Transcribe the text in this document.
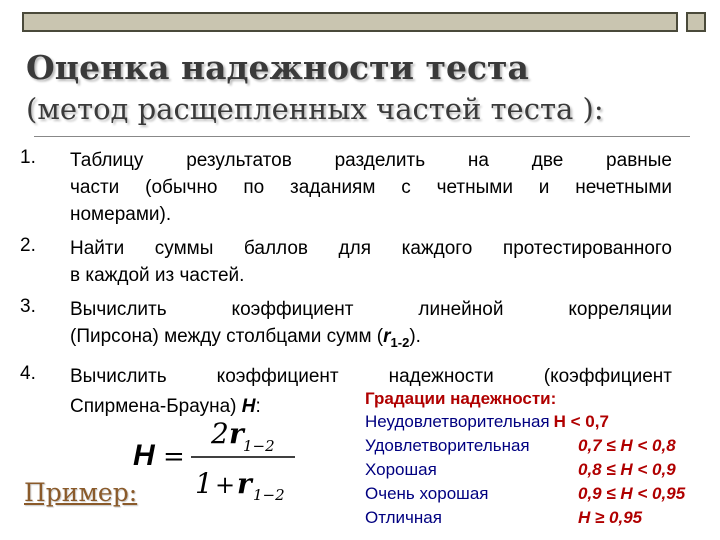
Оценка надежности теста
(метод расщепленных частей теста ):
1.	Таблицу результатов разделить на две равные
части (обычно по заданиям с четными и нечетными
номерами).
2.	Найти суммы баллов для каждого протестированного
в каждой из частей.
3.	Вычислить коэффициент линейной корреляции
(Пирсона) между столбцами сумм $(r_{1-2})$.
4.	Вычислить коэффициент надежности (коэффициент
Спирмена-Брауна) H:
H =
2 r 1−2
1 + r 1−2
Градации надежности:
Неудовлетворительная H < 0,7
Удовлетворительная	0,7 ≤ H < 0,8
Хорошая	0,8 ≤ H < 0,9
Очень хорошая	0,9 ≤ H < 0,95
Отличная	H ≥ 0,95
Пример:
